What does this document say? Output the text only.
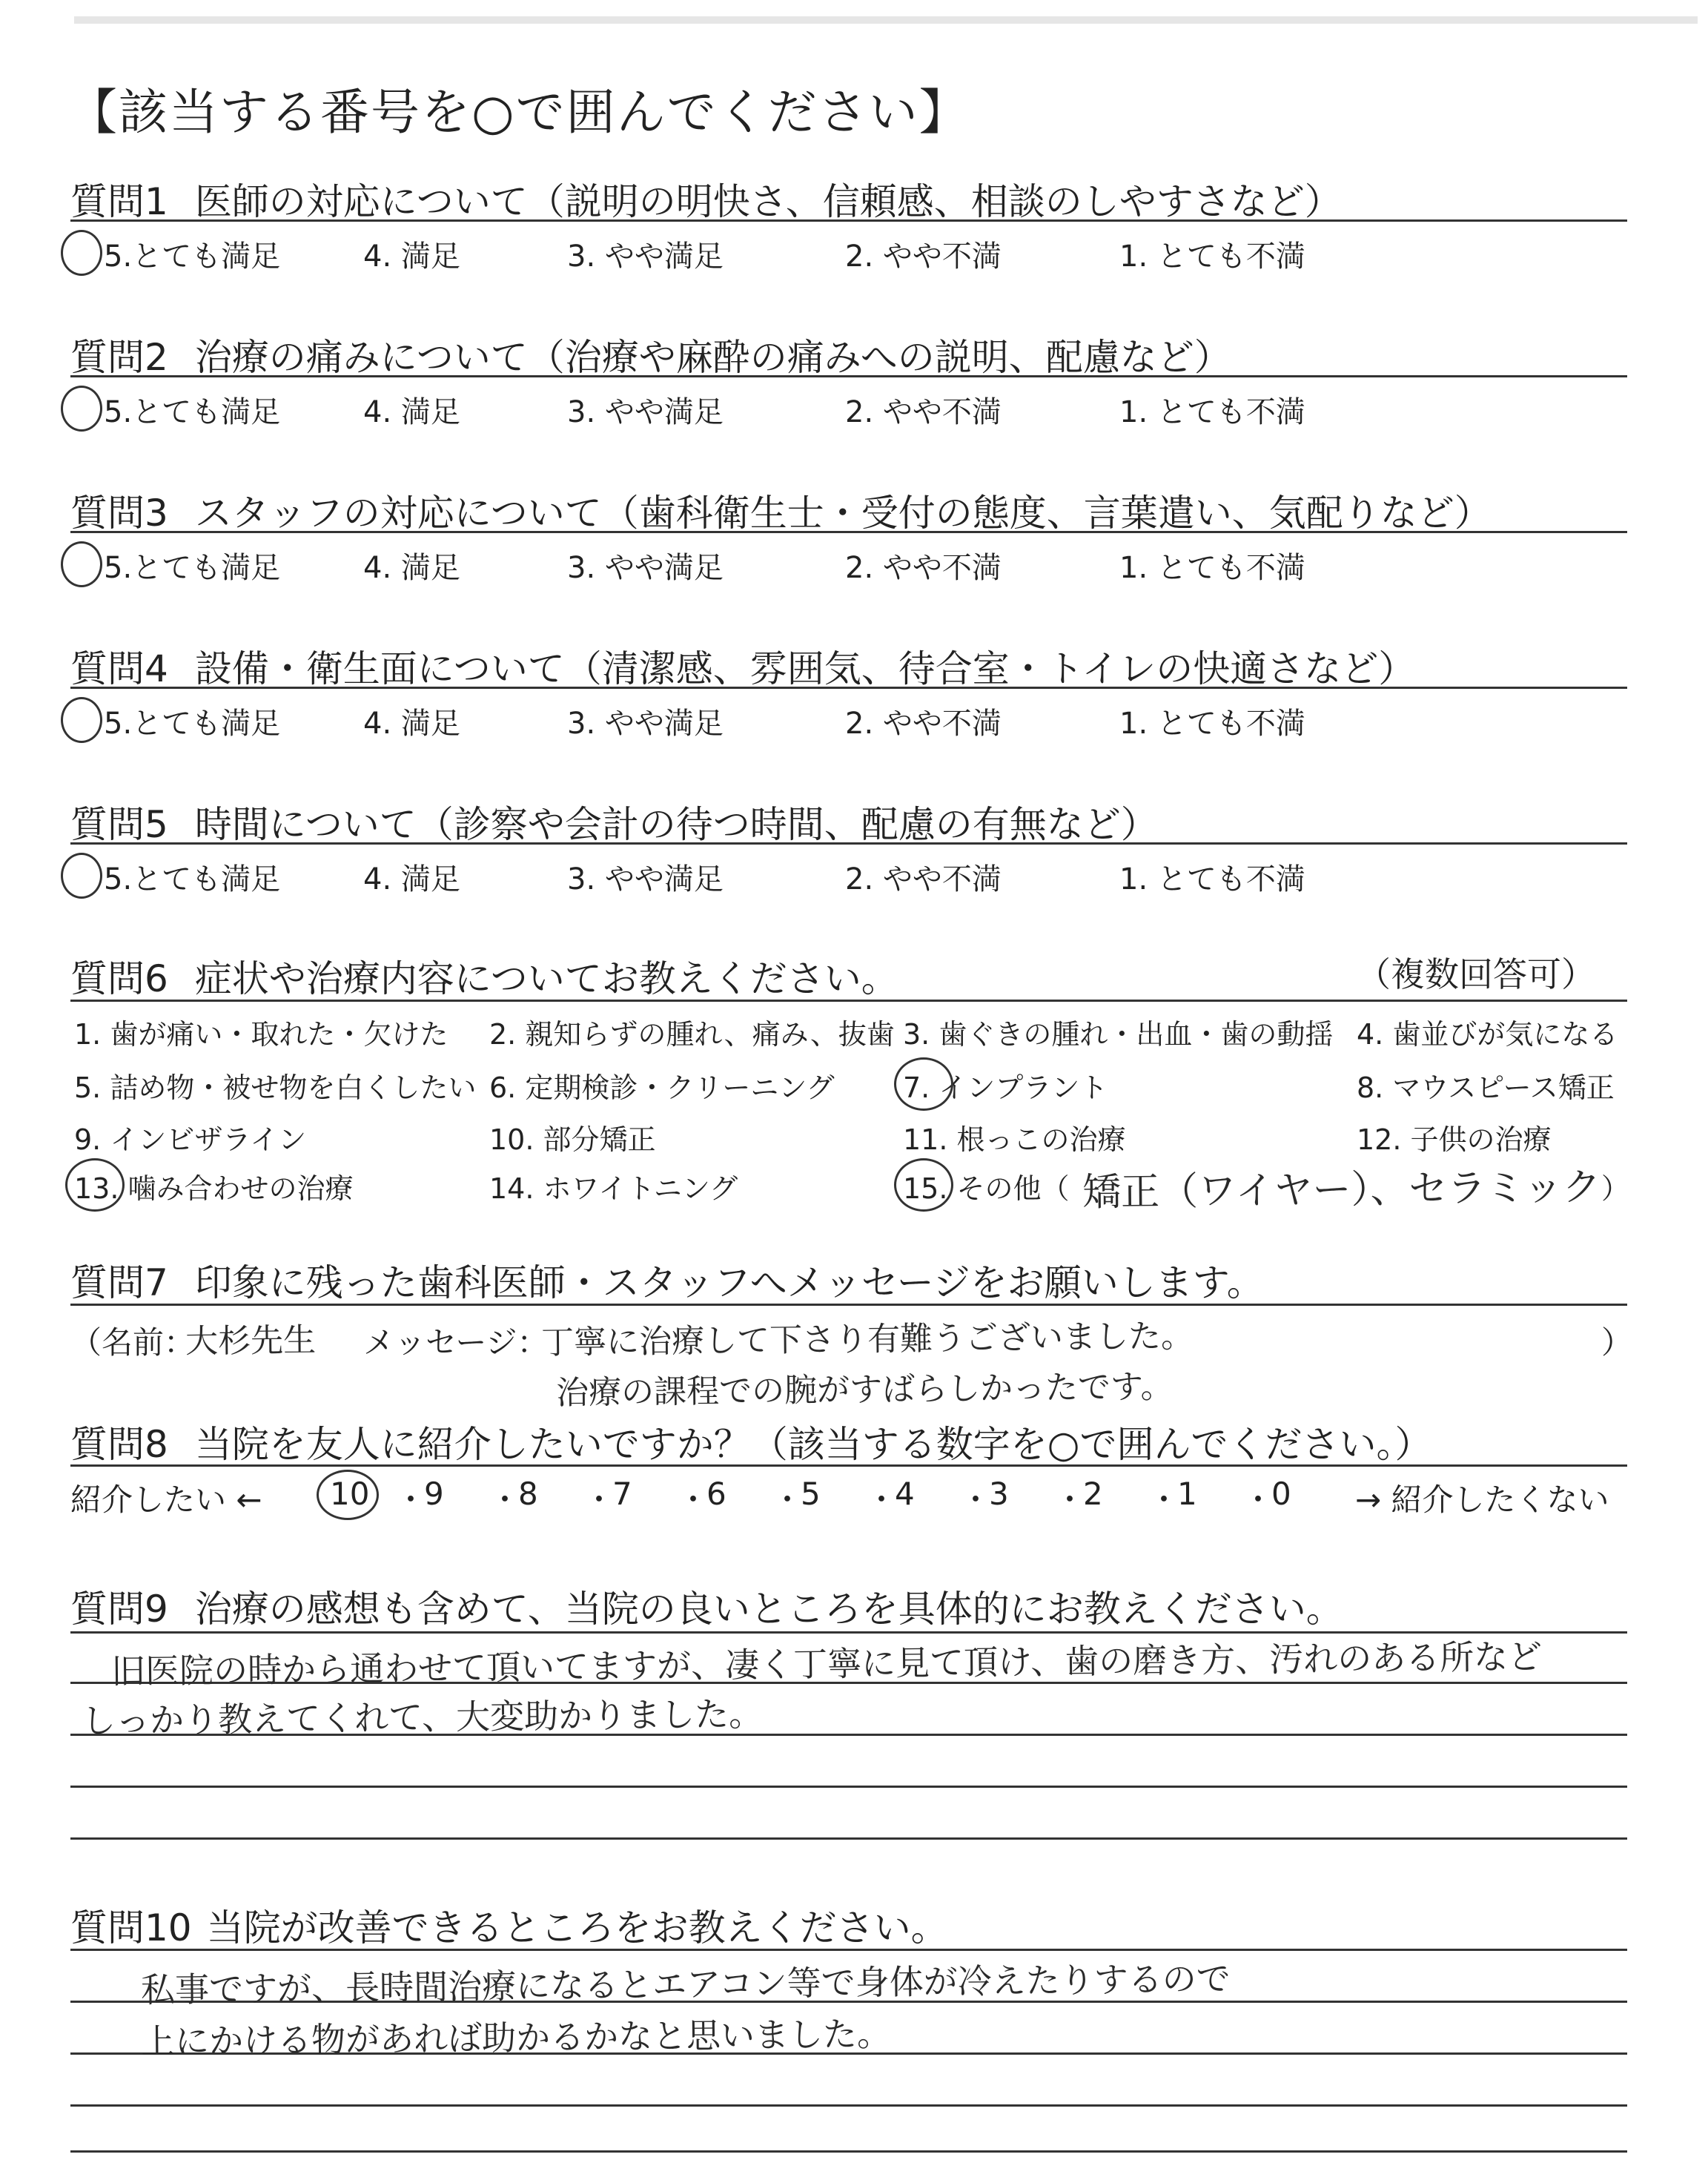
【該当する番号を○で囲んでください】
質問1 医師の対応について（説明の明快さ、信頼感、相談のしやすさなど）
5.とても満足	4. 満足	3. やや満足	2. やや不満	1. とても不満
質問2 治療の痛みについて（治療や麻酔の痛みへの説明、配慮など）
5.とても満足	4. 満足	3. やや満足	2. やや不満	1. とても不満
質問3 スタッフの対応について（歯科衛生士・受付の態度、言葉遣い、気配りなど）
5.とても満足	4. 満足	3. やや満足	2. やや不満	1. とても不満
質問4 設備・衛生面について（清潔感、雰囲気、待合室・トイレの快適さなど）
5.とても満足	4. 満足	3. やや満足	2. やや不満	1. とても不満
質問5 時間について（診察や会計の待つ時間、配慮の有無など）
5.とても満足	4. 満足	3. やや満足	2. やや不満	1. とても不満
質問6 症状や治療内容についてお教えください。	（複数回答可）
1. 歯が痛い・取れた・欠けた 2. 親知らずの腫れ、痛み、抜歯 3. 歯ぐきの腫れ・出血・歯の動揺 4. 歯並びが気になる
5. 詰め物・被せ物を白くしたい 6. 定期検診・クリーニング 7. インプラント	8. マウスピース矯正
9. インビザライン	10. 部分矯正	11. 根っこの治療	12. 子供の治療
13. 噛み合わせの治療	14. ホワイトニング	15. その他（	）
矯正（ワイヤー）、セラミック
質問7 印象に残った歯科医師・スタッフへメッセージをお願いします。
（名前：
大杉先生 メッセージ：
丁寧に治療して下さり有難うございました。
治療の課程での腕がすばらしかったです。
）
質問8 当院を友人に紹介したいですか？（該当する数字を○で囲んでください。）
紹介したい ←	→ 紹介したくない
10 ・
9 ・
8 ・
7 ・
6 ・
5 ・
4 ・
3 ・
2 ・
1 ・
0
質問9 治療の感想も含めて、当院の良いところを具体的にお教えください。
旧医院の時から通わせて頂いてますが、凄く丁寧に見て頂け、歯の磨き方、汚れのある所など
しっかり教えてくれて、大変助かりました。
質問10 当院が改善できるところをお教えください。
私事ですが、長時間治療になるとエアコン等で身体が冷えたりするので
上にかける物があれば助かるかなと思いました。
